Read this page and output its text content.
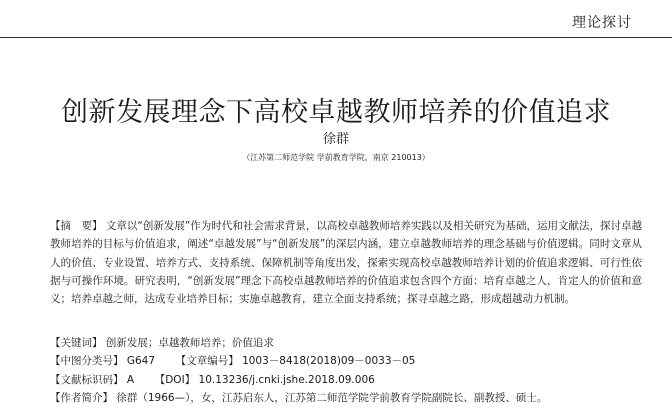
理论探讨
创新发展理念下高校卓越教师培养的价值追求
徐群
（江苏第二师范学院 学前教育学院，南京 210013）
【摘　要】 文章以“创新发展”作为时代和社会需求背景，以高校卓越教师培养实践以及相关研究为基础，运用文献法，探讨卓越教师培养的目标与价值追求，阐述“卓越发展”与“创新发展”的深层内涵，建立卓越教师培养的理念基础与价值逻辑。同时文章从人的价值、专业设置、培养方式、支持系统、保障机制等角度出发，探索实现高校卓越教师培养计划的价值追求逻辑、可行性依据与可操作环境。研究表明，“创新发展”理念下高校卓越教师培养的价值追求包含四个方面：培育卓越之人，肯定人的价值和意义；培养卓越之师，达成专业培养目标；实施卓越教育，建立全面支持系统；探寻卓越之路，形成超越动力机制。
【关键词】 创新发展；卓越教师培养；价值追求
【中图分类号】 G647 【文章编号】 1003－8418(2018)09－0033－05
【文献标识码】 A 【DOI】 10.13236/j.cnki.jshe.2018.09.006
【作者简介】 徐群（1966—），女，江苏启东人，江苏第二师范学院学前教育学院副院长、副教授、硕士。
